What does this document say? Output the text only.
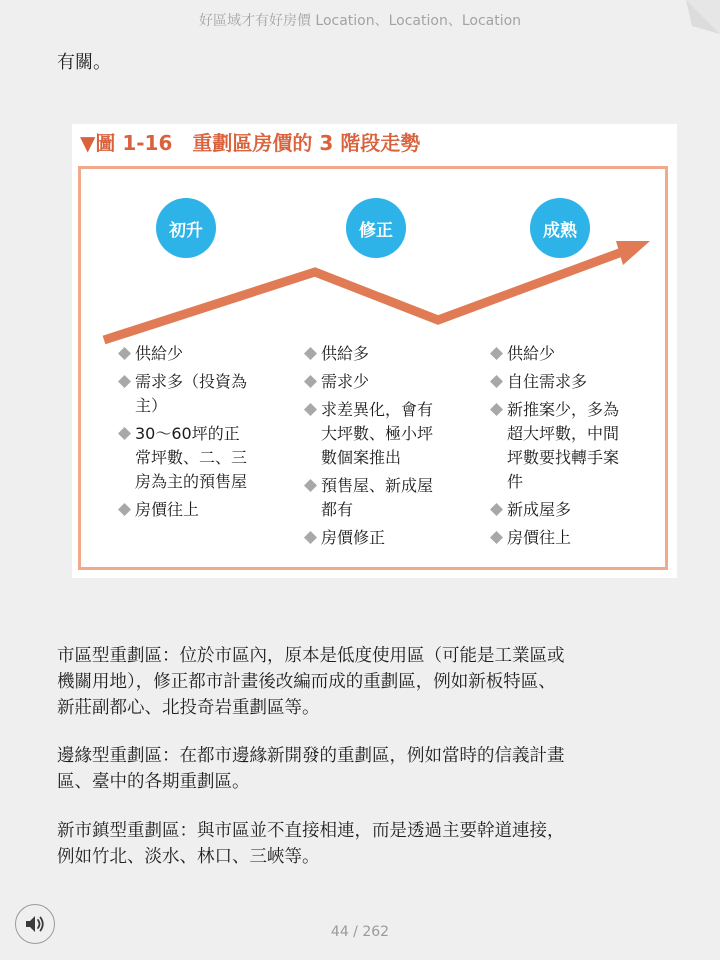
好區域才有好房價 Location、Location、Location
有關。
▼圖 1-16　重劃區房價的 3 階段走勢
初升	修正	成熟
供給少
需求多（投資為
主）
30～60坪的正
常坪數、二、三
房為主的預售屋
房價往上
供給多
需求少
求差異化，會有
大坪數、極小坪
數個案推出
預售屋、新成屋
都有
房價修正
供給少
自住需求多
新推案少，多為
超大坪數，中間
坪數要找轉手案
件
新成屋多
房價往上
市區型重劃區：位於市區內，原本是低度使用區（可能是工業區或
機關用地），修正都市計畫後改編而成的重劃區，例如新板特區、
新莊副都心、北投奇岩重劃區等。
邊緣型重劃區：在都市邊緣新開發的重劃區，例如當時的信義計畫
區、臺中的各期重劃區。
新市鎮型重劃區：與市區並不直接相連，而是透過主要幹道連接，
例如竹北、淡水、林口、三峽等。
44 / 262
